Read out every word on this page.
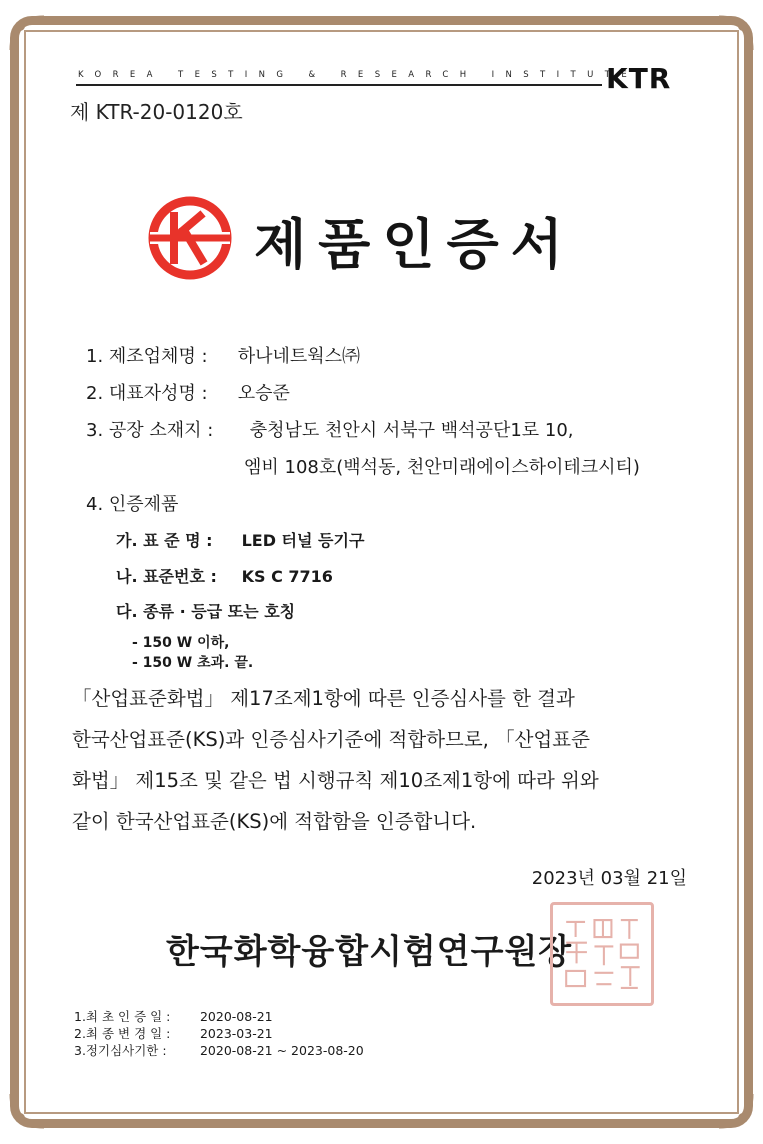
KOREA TESTING & RESEARCH INSTITUTE
KTR
제 KTR-20-0120호
제품인증서
1. 제조업체명 : 하나네트웍스㈜
2. 대표자성명 : 오승준
3. 공장 소재지 : 충청남도 천안시 서북구 백석공단1로 10,
엠비 108호(백석동, 천안미래에이스하이테크시티)
4. 인증제품
가. 표 준 명 : LED 터널 등기구
나. 표준번호 : KS C 7716
다. 종류 · 등급 또는 호칭
- 150 W 이하,
- 150 W 초과. 끝.
「산업표준화법」 제17조제1항에 따른 인증심사를 한 결과
한국산업표준(KS)과 인증심사기준에 적합하므로, 「산업표준
화법」 제15조 및 같은 법 시행규칙 제10조제1항에 따라 위와
같이 한국산업표준(KS)에 적합함을 인증합니다.
2023년 03월 21일
한국화학융합시험연구원장
1.최 초 인 증 일 : 2020-08-21
2.최 종 변 경 일 : 2023-03-21
3.정기심사기한 :	2020-08-21 ~ 2023-08-20
